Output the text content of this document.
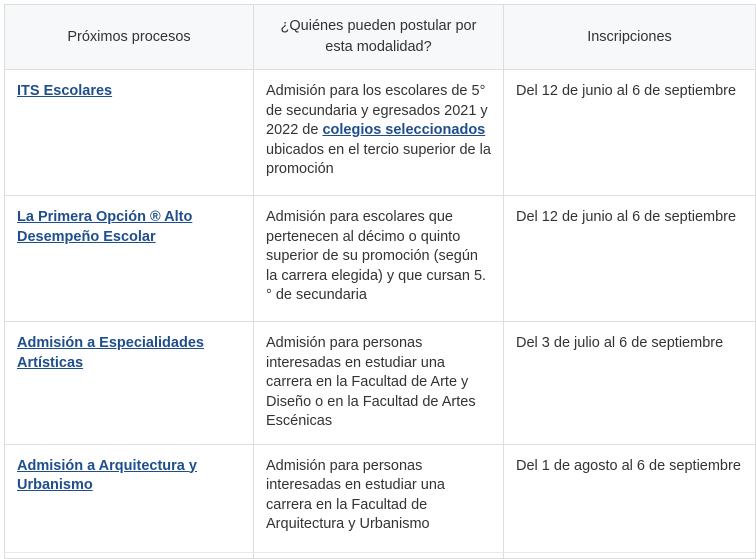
Próximos procesos	¿Quiénes pueden postular por esta modalidad?	Inscripciones
ITS Escolares	Admisión para los escolares de 5° de secundaria y egresados 2021 y 2022 de colegios seleccionados ubicados en el tercio superior de la promoción	Del 12 de junio al 6 de septiembre
La Primera Opción ® Alto Desempeño Escolar	Admisión para escolares que pertenecen al décimo o quinto superior de su promoción (según la carrera elegida) y que cursan 5.° de secundaria	Del 12 de junio al 6 de septiembre
Admisión a Especialidades Artísticas	Admisión para personas interesadas en estudiar una carrera en la Facultad de Arte y Diseño o en la Facultad de Artes Escénicas	Del 3 de julio al 6 de septiembre
Admisión a Arquitectura y Urbanismo	Admisión para personas interesadas en estudiar una carrera en la Facultad de Arquitectura y Urbanismo	Del 1 de agosto al 6 de septiembre
